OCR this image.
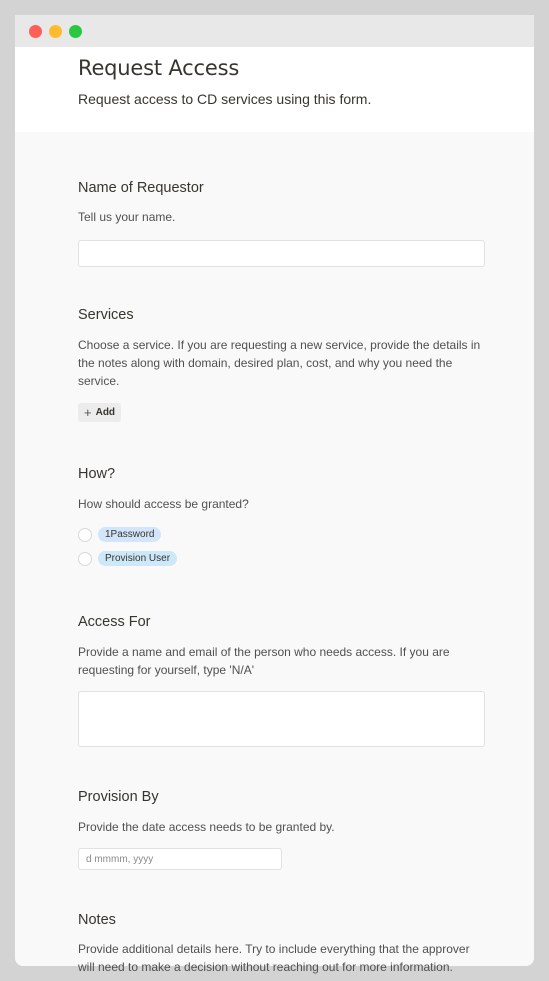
Request Access
Request access to CD services using this form.
Name of Requestor
Tell us your name.
Services
Choose a service. If you are requesting a new service, provide the details in the notes along with domain, desired plan, cost, and why you need the service.
+ Add
How?
How should access be granted?
1Password
Provision User
Access For
Provide a name and email of the person who needs access. If you are requesting for yourself, type 'N/A'
Provision By
Provide the date access needs to be granted by.
d mmmm, yyyy
Notes
Provide additional details here. Try to include everything that the approver will need to make a decision without reaching out for more information.
